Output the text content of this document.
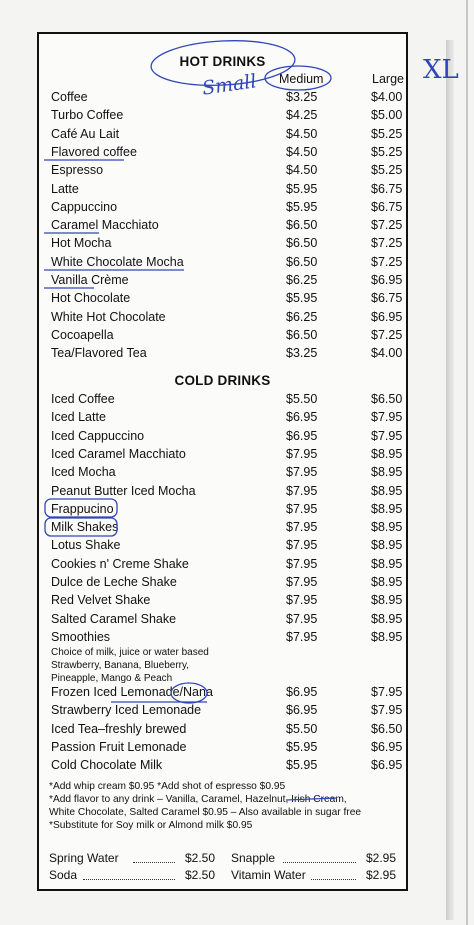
HOT DRINKS
Medium	Large
Coffee	$3.25	$4.00
Turbo Coffee	$4.25	$5.00
Café Au Lait	$4.50	$5.25
Flavored coffee	$4.50	$5.25
Espresso	$4.50	$5.25
Latte	$5.95	$6.75
Cappuccino	$5.95	$6.75
Caramel Macchiato	$6.50	$7.25
Hot Mocha	$6.50	$7.25
White Chocolate Mocha	$6.50	$7.25
Vanilla Crème	$6.25	$6.95
Hot Chocolate	$5.95	$6.75
White Hot Chocolate	$6.25	$6.95
Cocoapella	$6.50	$7.25
Tea/Flavored Tea	$3.25	$4.00
COLD DRINKS
Iced Coffee	$5.50	$6.50
Iced Latte	$6.95	$7.95
Iced Cappuccino	$6.95	$7.95
Iced Caramel Macchiato	$7.95	$8.95
Iced Mocha	$7.95	$8.95
Peanut Butter Iced Mocha	$7.95	$8.95
Frappucino	$7.95	$8.95
Milk Shakes	$7.95	$8.95
Lotus Shake	$7.95	$8.95
Cookies n' Creme Shake	$7.95	$8.95
Dulce de Leche Shake	$7.95	$8.95
Red Velvet Shake	$7.95	$8.95
Salted Caramel Shake	$7.95	$8.95
Smoothies	$7.95	$8.95
Choice of milk, juice or water based
Strawberry, Banana, Blueberry,
Pineapple, Mango & Peach
Frozen Iced Lemonade/Nana	$6.95	$7.95
Strawberry Iced Lemonade	$6.95	$7.95
Iced Tea–freshly brewed	$5.50	$6.50
Passion Fruit Lemonade	$5.95	$6.95
Cold Chocolate Milk	$5.95	$6.95
*Add whip cream $0.95 *Add shot of espresso $0.95
*Add flavor to any drink – Vanilla, Caramel, Hazelnut, Irish Cream,
White Chocolate, Salted Caramel $0.95 – Also available in sugar free
*Substitute for Soy milk or Almond milk $0.95
Spring Water	$2.50 Snapple	$2.95
Soda	$2.50 Vitamin Water	$2.95
Small	XL
